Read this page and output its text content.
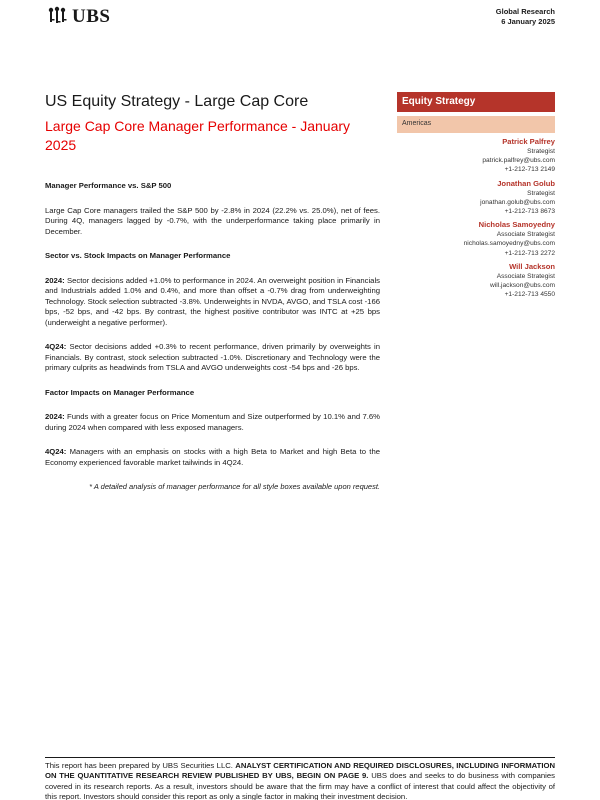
UBS	Global Research
6 January 2025
US Equity Strategy - Large Cap Core
Large Cap Core Manager Performance - January 2025
Equity Strategy
Americas
Patrick Palfrey
Strategist
patrick.palfrey@ubs.com
+1-212-713 2149
Jonathan Golub
Strategist
jonathan.golub@ubs.com
+1-212-713 8673
Nicholas Samoyedny
Associate Strategist
nicholas.samoyedny@ubs.com
+1-212-713 2272
Will Jackson
Associate Strategist
will.jackson@ubs.com
+1-212-713 4550
Manager Performance vs. S&P 500
Large Cap Core managers trailed the S&P 500 by -2.8% in 2024 (22.2% vs. 25.0%), net of fees. During 4Q, managers lagged by -0.7%, with the underperformance taking place primarily in December.
Sector vs. Stock Impacts on Manager Performance
2024: Sector decisions added +1.0% to performance in 2024. An overweight position in Financials and Industrials added 1.0% and 0.4%, and more than offset a -0.7% drag from underweighting Technology. Stock selection subtracted -3.8%. Underweights in NVDA, AVGO, and TSLA cost -166 bps, -52 bps, and -42 bps. By contrast, the highest positive contributor was INTC at +25 bps (underweight a negative performer).
4Q24: Sector decisions added +0.3% to recent performance, driven primarily by overweights in Financials. By contrast, stock selection subtracted -1.0%. Discretionary and Technology were the primary culprits as headwinds from TSLA and AVGO underweights cost -54 bps and -26 bps.
Factor Impacts on Manager Performance
2024: Funds with a greater focus on Price Momentum and Size outperformed by 10.1% and 7.6% during 2024 when compared with less exposed managers.
4Q24: Managers with an emphasis on stocks with a high Beta to Market and high Beta to the Economy experienced favorable market tailwinds in 4Q24.
* A detailed analysis of manager performance for all style boxes available upon request.
This report has been prepared by UBS Securities LLC. ANALYST CERTIFICATION AND REQUIRED DISCLOSURES, INCLUDING INFORMATION ON THE QUANTITATIVE RESEARCH REVIEW PUBLISHED BY UBS, BEGIN ON PAGE 9. UBS does and seeks to do business with companies covered in its research reports. As a result, investors should be aware that the firm may have a conflict of interest that could affect the objectivity of this report. Investors should consider this report as only a single factor in making their investment decision.
